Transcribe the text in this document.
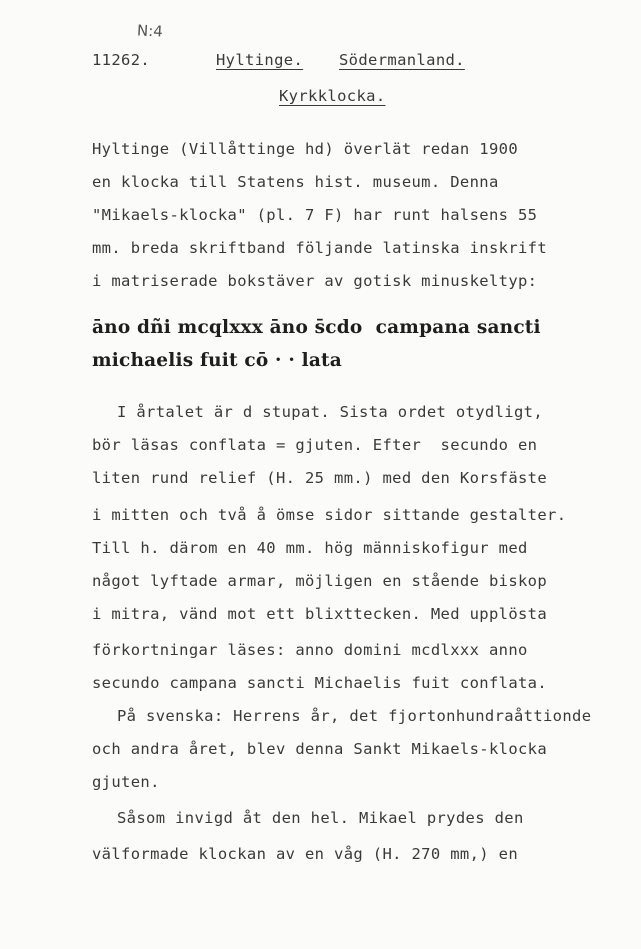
N:4
11262.	Hyltinge. Södermanland.
Kyrkklocka.
Hyltinge (Villåttinge hd) överlät redan 1900
en klocka till Statens hist. museum. Denna
"Mikaels-klocka" (pl. 7 F) har runt halsens 55
mm. breda skriftband följande latinska inskrift
i matriserade bokstäver av gotisk minuskeltyp:
āno dñi mcqlxxx āno s̄cdo  campana sancti
michaelis fuit cō · · lata
I årtalet är d stupat. Sista ordet otydligt,
bör läsas conflata = gjuten. Efter  secundo en
liten rund relief (H. 25 mm.) med den Korsfäste
i mitten och två å ömse sidor sittande gestalter.
Till h. därom en 40 mm. hög människofigur med
något lyftade armar, möjligen en stående biskop
i mitra, vänd mot ett blixttecken. Med upplösta
förkortningar läses: anno domini mcdlxxx anno
secundo campana sancti Michaelis fuit conflata.
På svenska: Herrens år, det fjortonhundraåttionde
och andra året, blev denna Sankt Mikaels-klocka
gjuten.
Såsom invigd åt den hel. Mikael prydes den
välformade klockan av en våg (H. 270 mm,) en
